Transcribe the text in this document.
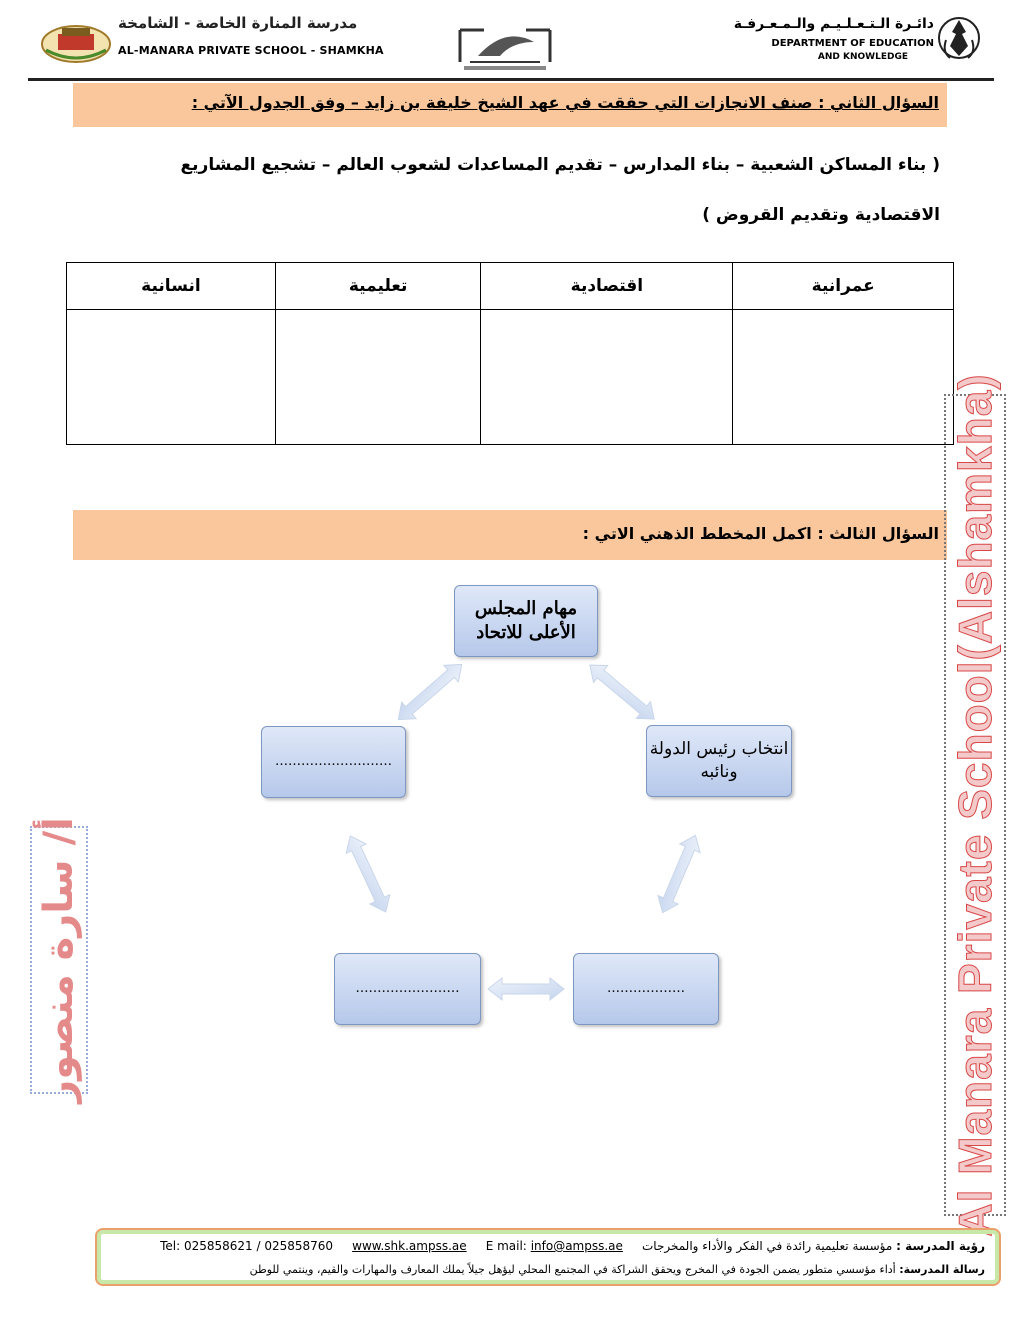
مدرسة المنارة الخاصة - الشامخة
AL-MANARA PRIVATE SCHOOL - SHAMKHA
دائـرة الـتـعـلـيـم والـمـعـرفـة
DEPARTMENT OF EDUCATION
AND KNOWLEDGE
السؤال الثاني : صنف الانجازات التي حققت في عهد الشيخ خليفة بن زايد – وفق الجدول الآتي :
( بناء المساكن الشعبية – بناء المدارس – تقديم المساعدات لشعوب العالم – تشجيع المشاريع
الاقتصادية وتقديم القروض )
عمرانية	اقتصادية	تعليمية	انسانية

السؤال الثالث : اكمل المخطط الذهني الاتي :
مهام المجلس الأعلى للاتحاد
انتخاب رئيس الدولة ونائبه
………………………
……………………	………………	Al Manara Private School(Alshamkha)
أ/ سارة منصور
رؤية المدرسة : مؤسسة تعليمية رائدة في الفكر والأداء والمخرجات     Tel: 025858621 / 025858760 www.shk.ampss.ae E mail: info@ampss.ae
رسالة المدرسة: أداء مؤسسي متطور يضمن الجودة في المخرج ويحقق الشراكة في المجتمع المحلي ليؤهل جيلاً يملك المعارف والمهارات والقيم، وينتمي للوطن
